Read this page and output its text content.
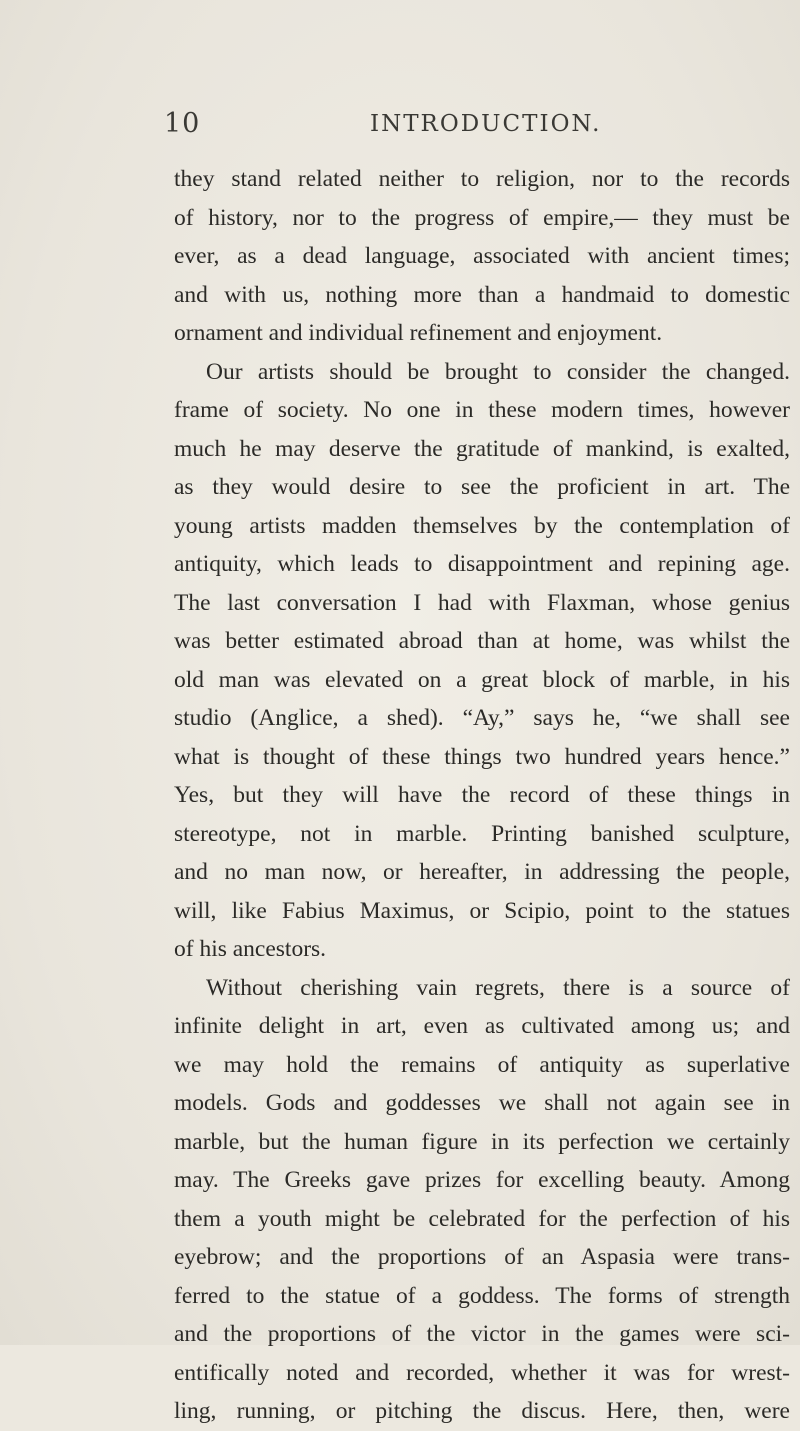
10	INTRODUCTION.
they stand related neither to religion, nor to the records
of history, nor to the progress of empire,— they must be
ever, as a dead language, associated with ancient times;
and with us, nothing more than a handmaid to domestic
ornament and individual refinement and enjoyment.
Our artists should be brought to consider the changed.
frame of society. No one in these modern times, however
much he may deserve the gratitude of mankind, is exalted,
as they would desire to see the proficient in art. The
young artists madden themselves by the contemplation of
antiquity, which leads to disappointment and repining age.
The last conversation I had with Flaxman, whose genius
was better estimated abroad than at home, was whilst the
old man was elevated on a great block of marble, in his
studio (Anglice, a shed). “Ay,” says he, “we shall see
what is thought of these things two hundred years hence.”
Yes, but they will have the record of these things in
stereotype, not in marble. Printing banished sculpture,
and no man now, or hereafter, in addressing the people,
will, like Fabius Maximus, or Scipio, point to the statues
of his ancestors.
Without cherishing vain regrets, there is a source of
infinite delight in art, even as cultivated among us; and
we may hold the remains of antiquity as superlative
models. Gods and goddesses we shall not again see in
marble, but the human figure in its perfection we certainly
may. The Greeks gave prizes for excelling beauty. Among
them a youth might be celebrated for the perfection of his
eyebrow; and the proportions of an Aspasia were trans-
ferred to the statue of a goddess. The forms of strength
and the proportions of the victor in the games were sci-
entifically noted and recorded, whether it was for wrest-
ling, running, or pitching the discus. Here, then, were
